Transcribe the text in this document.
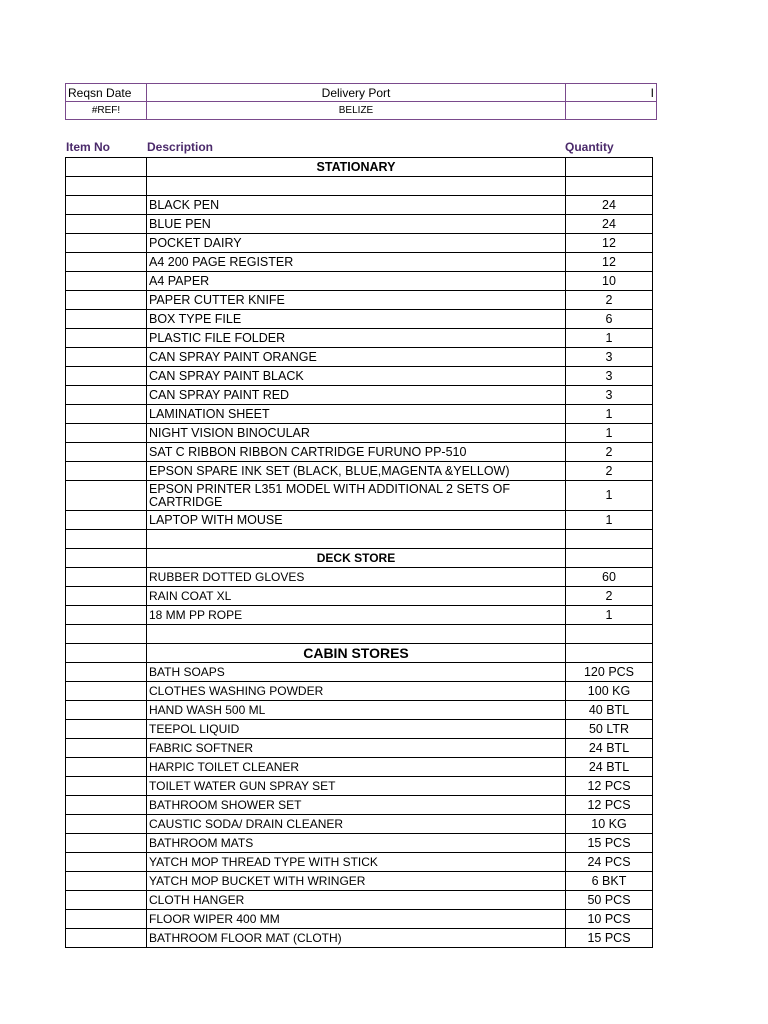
Reqsn Date	Delivery Port	I
#REF!	BELIZE	
Item No	Description	Quantity
	STATIONARY	

	BLACK PEN	24
	BLUE PEN	24
	POCKET DAIRY	12
	A4 200 PAGE REGISTER	12
	A4 PAPER	10
	PAPER CUTTER KNIFE	2
	BOX TYPE FILE	6
	PLASTIC FILE FOLDER	1
	CAN SPRAY PAINT ORANGE	3
	CAN SPRAY PAINT BLACK	3
	CAN SPRAY PAINT RED	3
	LAMINATION SHEET	1
	NIGHT VISION BINOCULAR	1
	SAT C RIBBON RIBBON CARTRIDGE FURUNO PP-510	2
	EPSON SPARE INK SET (BLACK, BLUE,MAGENTA &YELLOW)	2
	EPSON PRINTER L351 MODEL WITH ADDITIONAL 2 SETS OF CARTRIDGE	1
	LAPTOP WITH MOUSE	1

	DECK STORE	
	RUBBER DOTTED GLOVES	60
	RAIN COAT XL	2
	18 MM PP ROPE	1

	CABIN STORES	
	BATH SOAPS	120 PCS
	CLOTHES WASHING POWDER	100 KG
	HAND WASH 500 ML	40 BTL
	TEEPOL LIQUID	50 LTR
	FABRIC SOFTNER	24 BTL
	HARPIC TOILET CLEANER	24 BTL
	TOILET WATER GUN SPRAY SET	12 PCS
	BATHROOM SHOWER SET	12 PCS
	CAUSTIC SODA/ DRAIN CLEANER	10 KG
	BATHROOM MATS	15 PCS
	YATCH MOP THREAD TYPE WITH STICK	24 PCS
	YATCH MOP BUCKET WITH WRINGER	6 BKT
	CLOTH HANGER	50 PCS
	FLOOR WIPER 400 MM	10 PCS
	BATHROOM FLOOR MAT (CLOTH)	15 PCS
